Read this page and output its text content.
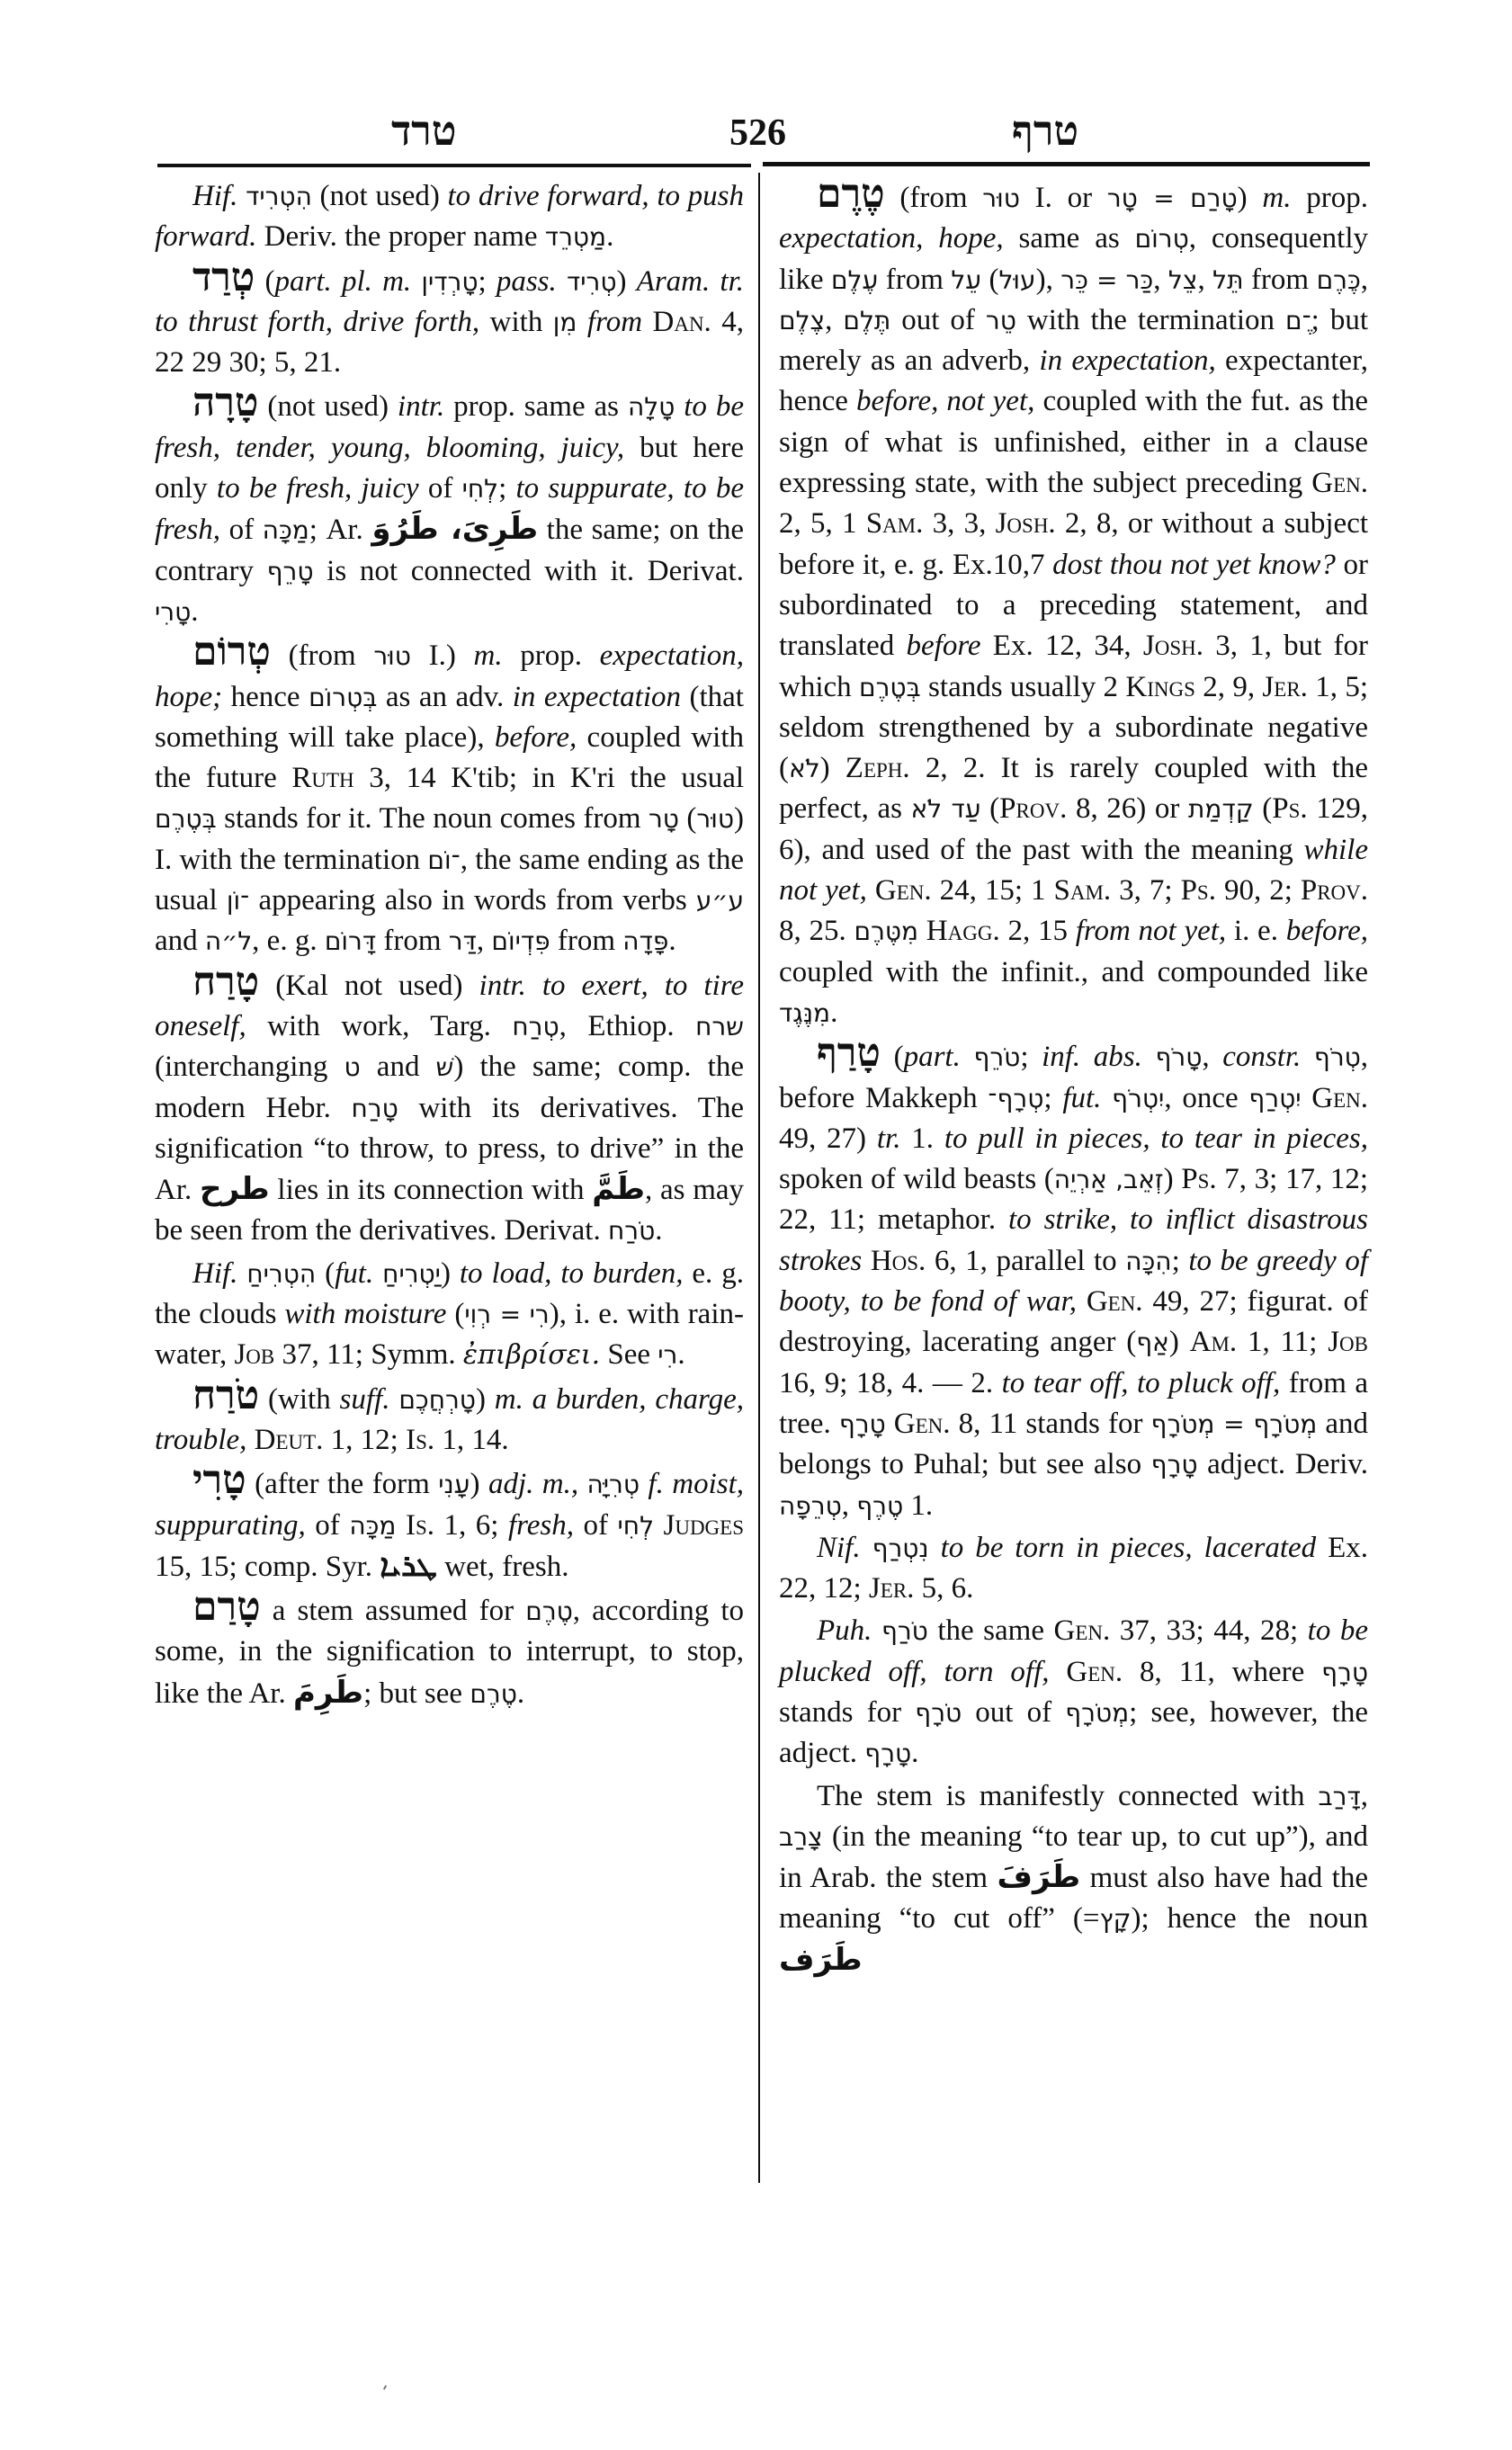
טרד	526	טרף

Hif. הִטְרִיד (not used) to drive forward, to push forward. Deriv. the proper name מַטְרֵד.

טְרַד (part. pl. m. טָרְדִין; pass. טְרִיד) Aram. tr. to thrust forth, drive forth, with מִן from Dan. 4, 22 29 30; 5, 21.

טָרָה (not used) intr. prop. same as טָלָה to be fresh, tender, young, blooming, juicy, but here only to be fresh, juicy of לְחִי; to suppurate, to be fresh, of מַכָּה; Ar. طَرِىَ، طَرُوَ the same; on the contrary טָרֵף is not connected with it. Derivat. טָרִי.

טְרוֹם (from טוּר I.) m. prop. expectation, hope; hence בְּטְרוֹם as an adv. in expectation (that something will take place), before, coupled with the future Ruth 3, 14 K'tib; in K'ri the usual בְּטֶרֶם stands for it. The noun comes from טָר (טוּר) I. with the termination ־וֹם, the same ending as the usual ־וֹן appearing also in words from verbs ע״ע and ל״ה, e. g. דָּרוֹם from דַּר, פִּדְיוֹם from פָּדָה.

טָרַח (Kal not used) intr. to exert, to tire oneself, with work, Targ. טְרַח, Ethiop. שרח (interchanging ט and שׁ) the same; comp. the modern Hebr. טָרַח with its derivatives. The signification “to throw, to press, to drive” in the Ar. طرح lies in its connection with طَمَّ, as may be seen from the derivatives. Derivat. טֹרַח.

Hif. הִטְרִיחַ (fut. יַטְרִיחַ) to load, to burden, e. g. the clouds with moisture (רִי = רְוִי), i. e. with rain-water, Job 37, 11; Symm. ἐπιβρίσει. See רִי.

טֹרַח (with suff. טָרְחֲכֶם) m. a burden, charge, trouble, Deut. 1, 12; Is. 1, 14.

טָרִי (after the form עָנִי) adj. m., טְרִיָּה f. moist, suppurating, of מַכָּה Is. 1, 6; fresh, of לְחִי Judges 15, 15; comp. Syr. ܛܪܝܐ wet, fresh.

טָרַם a stem assumed for טֶרֶם, according to some, in the signification to interrupt, to stop, like the Ar. طَرِمَ; but see טֶרֶם.

טֶרֶם (from טוּר I. or טָרַם = טָר) m. prop. expectation, hope, same as טְרוֹם, consequently like עֶלֶם from עֵל (עוּל), כַּר = כֵּר, צֵל, תֵּל from כֶּרֶם, צֶלֶם, תֶּלֶם out of טֵר with the termination ־ֶם; but merely as an adverb, in expectation, expectanter, hence before, not yet, coupled with the fut. as the sign of what is unfinished, either in a clause expressing state, with the subject preceding Gen. 2, 5, 1 Sam. 3, 3, Josh. 2, 8, or without a subject before it, e. g. Ex.10,7 dost thou not yet know? or subordinated to a preceding statement, and translated before Ex. 12, 34, Josh. 3, 1, but for which בְּטֶרֶם stands usually 2 Kings 2, 9, Jer. 1, 5; seldom strengthened by a subordinate negative (לֹא) Zeph. 2, 2. It is rarely coupled with the perfect, as עַד לֹא (Prov. 8, 26) or קַדְמַת (Ps. 129, 6), and used of the past with the meaning while not yet, Gen. 24, 15; 1 Sam. 3, 7; Ps. 90, 2; Prov. 8, 25. מִטֶּרֶם Hagg. 2, 15 from not yet, i. e. before, coupled with the infinit., and compounded like מִנֶּגֶד.

טָרַף (part. טֹרֵף; inf. abs. טָרֹף, constr. טְרֹף, before Makkeph טְרָף־; fut. יִטְרֹף, once יִטְרַף Gen. 49, 27) tr. 1. to pull in pieces, to tear in pieces, spoken of wild beasts (זְאֵב, אַרְיֵה) Ps. 7, 3; 17, 12; 22, 11; metaphor. to strike, to inflict disastrous strokes Hos. 6, 1, parallel to הִכָּה; to be greedy of booty, to be fond of war, Gen. 49, 27; figurat. of destroying, lacerating anger (אַף) Am. 1, 11; Job 16, 9; 18, 4. — 2. to tear off, to pluck off, from a tree. טָרָף Gen. 8, 11 stands for מְטֹרָף = מְטֹרָף and belongs to Puhal; but see also טָרָף adject. Deriv. טְרֵפָה, טֶרֶף 1.

Nif. נִטְרַף to be torn in pieces, lacerated Ex. 22, 12; Jer. 5, 6.

Puh. טֹרַף the same Gen. 37, 33; 44, 28; to be plucked off, torn off, Gen. 8, 11, where טָרָף stands for טֹרָף out of מְטֹרָף; see, however, the adject. טָרָף.

The stem is manifestly connected with דָּרַב, צָרַב (in the meaning “to tear up, to cut up”), and in Arab. the stem طَرَفَ must also have had the meaning “to cut off” (=קָץ); hence the noun طَرَف
